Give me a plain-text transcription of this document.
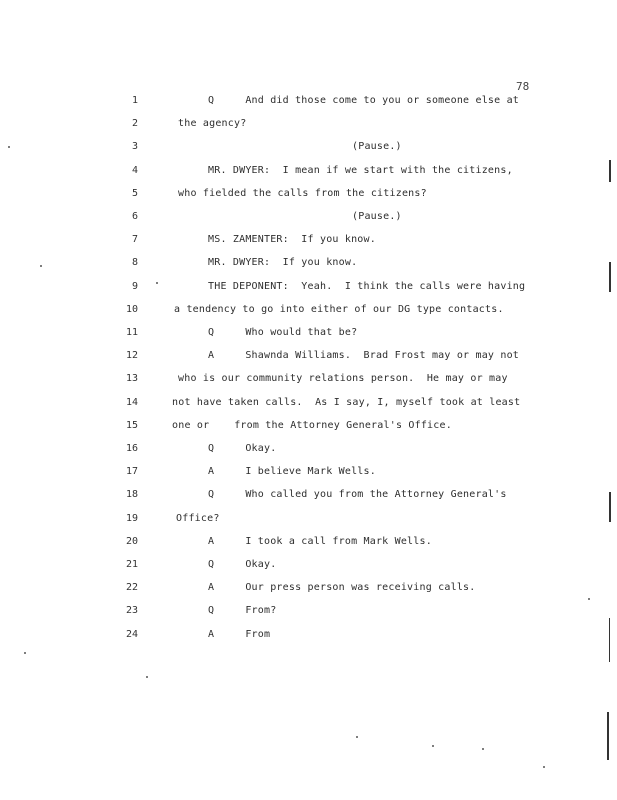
78
1	Q     And did those come to you or someone else at
2	the agency?
3	(Pause.)
4	MR. DWYER:  I mean if we start with the citizens,
5	who fielded the calls from the citizens?
6	(Pause.)
7	MS. ZAMENTER:  If you know.
8	MR. DWYER:  If you know.
9	THE DEPONENT:  Yeah.  I think the calls were having
10	a tendency to go into either of our DG type contacts.
11	Q     Who would that be?
12	A     Shawnda Williams.  Brad Frost may or may not
13	who is our community relations person.  He may or may
14	not have taken calls.  As I say, I, myself took at least
15	one or    from the Attorney General's Office.
16	Q     Okay.
17	A     I believe Mark Wells.
18	Q     Who called you from the Attorney General's
19	Office?
20	A     I took a call from Mark Wells.
21	Q     Okay.
22	A     Our press person was receiving calls.
23	Q     From?
24	A     From
